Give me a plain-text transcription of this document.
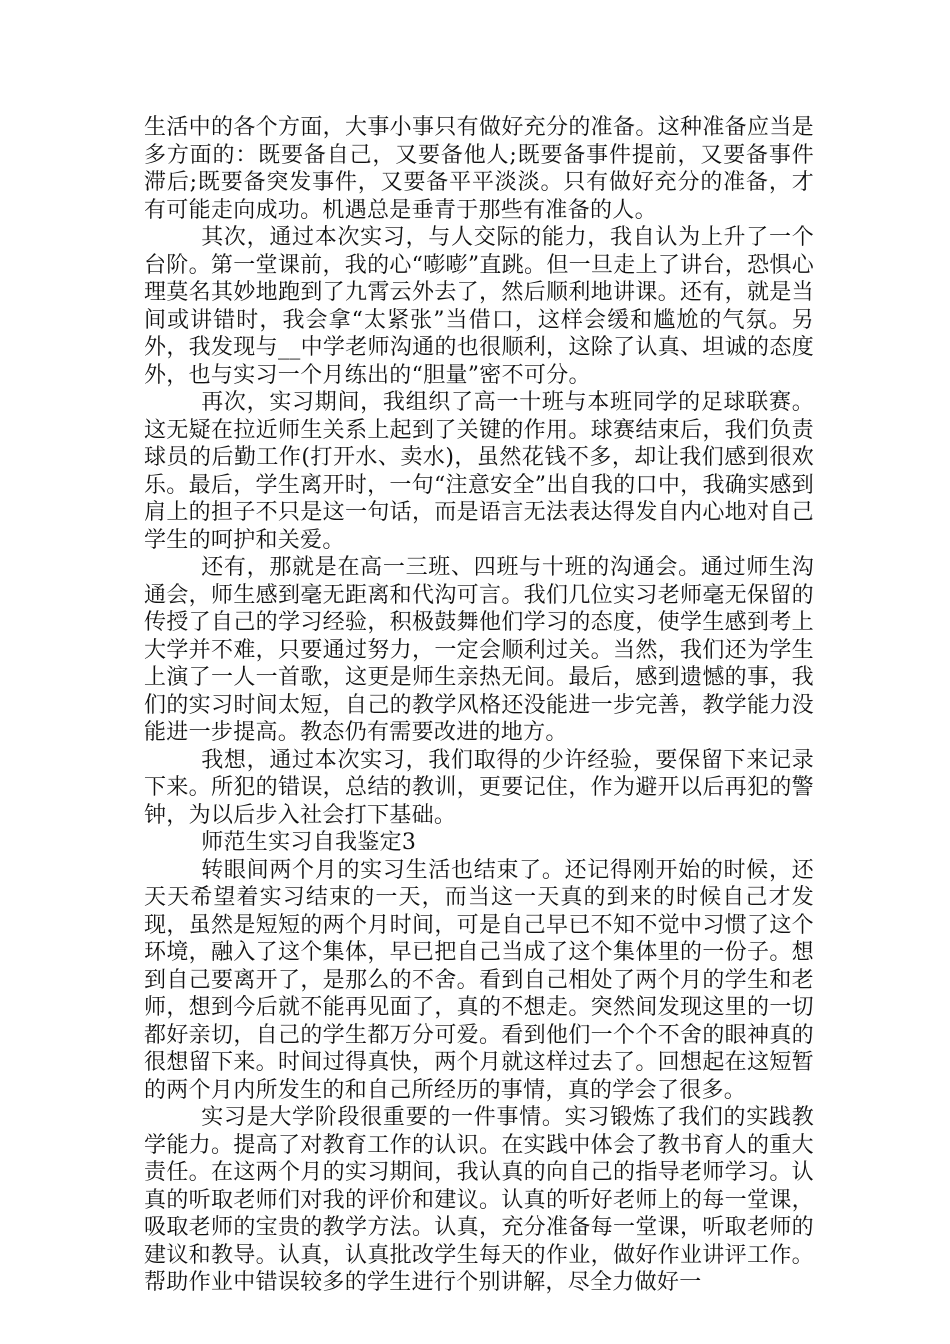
生活中的各个方面，大事小事只有做好充分的准备。这种准备应当是多方面的：既要备自己，又要备他人;既要备事件提前，又要备事件滞后;既要备突发事件，又要备平平淡淡。只有做好充分的准备，才有可能走向成功。机遇总是垂青于那些有准备的人。

其次，通过本次实习，与人交际的能力，我自认为上升了一个台阶。第一堂课前，我的心“嘭嘭”直跳。但一旦走上了讲台，恐惧心理莫名其妙地跑到了九霄云外去了，然后顺利地讲课。还有，就是当间或讲错时，我会拿“太紧张”当借口，这样会缓和尴尬的气氛。另外，我发现与__中学老师沟通的也很顺利，这除了认真、坦诚的态度外，也与实习一个月练出的“胆量”密不可分。

再次，实习期间，我组织了高一十班与本班同学的足球联赛。这无疑在拉近师生关系上起到了关键的作用。球赛结束后，我们负责球员的后勤工作(打开水、卖水)，虽然花钱不多，却让我们感到很欢乐。最后，学生离开时，一句“注意安全”出自我的口中，我确实感到肩上的担子不只是这一句话，而是语言无法表达得发自内心地对自己学生的呵护和关爱。

还有，那就是在高一三班、四班与十班的沟通会。通过师生沟通会，师生感到毫无距离和代沟可言。我们几位实习老师毫无保留的传授了自己的学习经验，积极鼓舞他们学习的态度，使学生感到考上大学并不难，只要通过努力，一定会顺利过关。当然，我们还为学生上演了一人一首歌，这更是师生亲热无间。最后，感到遗憾的事，我们的实习时间太短，自己的教学风格还没能进一步完善，教学能力没能进一步提高。教态仍有需要改进的地方。

我想，通过本次实习，我们取得的少许经验，要保留下来记录下来。所犯的错误，总结的教训，更要记住，作为避开以后再犯的警钟，为以后步入社会打下基础。

师范生实习自我鉴定3

转眼间两个月的实习生活也结束了。还记得刚开始的时候，还天天希望着实习结束的一天，而当这一天真的到来的时候自己才发现，虽然是短短的两个月时间，可是自己早已不知不觉中习惯了这个环境，融入了这个集体，早已把自己当成了这个集体里的一份子。想到自己要离开了，是那么的不舍。看到自己相处了两个月的学生和老师，想到今后就不能再见面了，真的不想走。突然间发现这里的一切都好亲切，自己的学生都万分可爱。看到他们一个个不舍的眼神真的很想留下来。时间过得真快，两个月就这样过去了。回想起在这短暂的两个月内所发生的和自己所经历的事情，真的学会了很多。

实习是大学阶段很重要的一件事情。实习锻炼了我们的实践教学能力。提高了对教育工作的认识。在实践中体会了教书育人的重大责任。在这两个月的实习期间，我认真的向自己的指导老师学习。认真的听取老师们对我的评价和建议。认真的听好老师上的每一堂课，吸取老师的宝贵的教学方法。认真，充分准备每一堂课，听取老师的建议和教导。认真，认真批改学生每天的作业，做好作业讲评工作。帮助作业中错误较多的学生进行个别讲解，尽全力做好一
